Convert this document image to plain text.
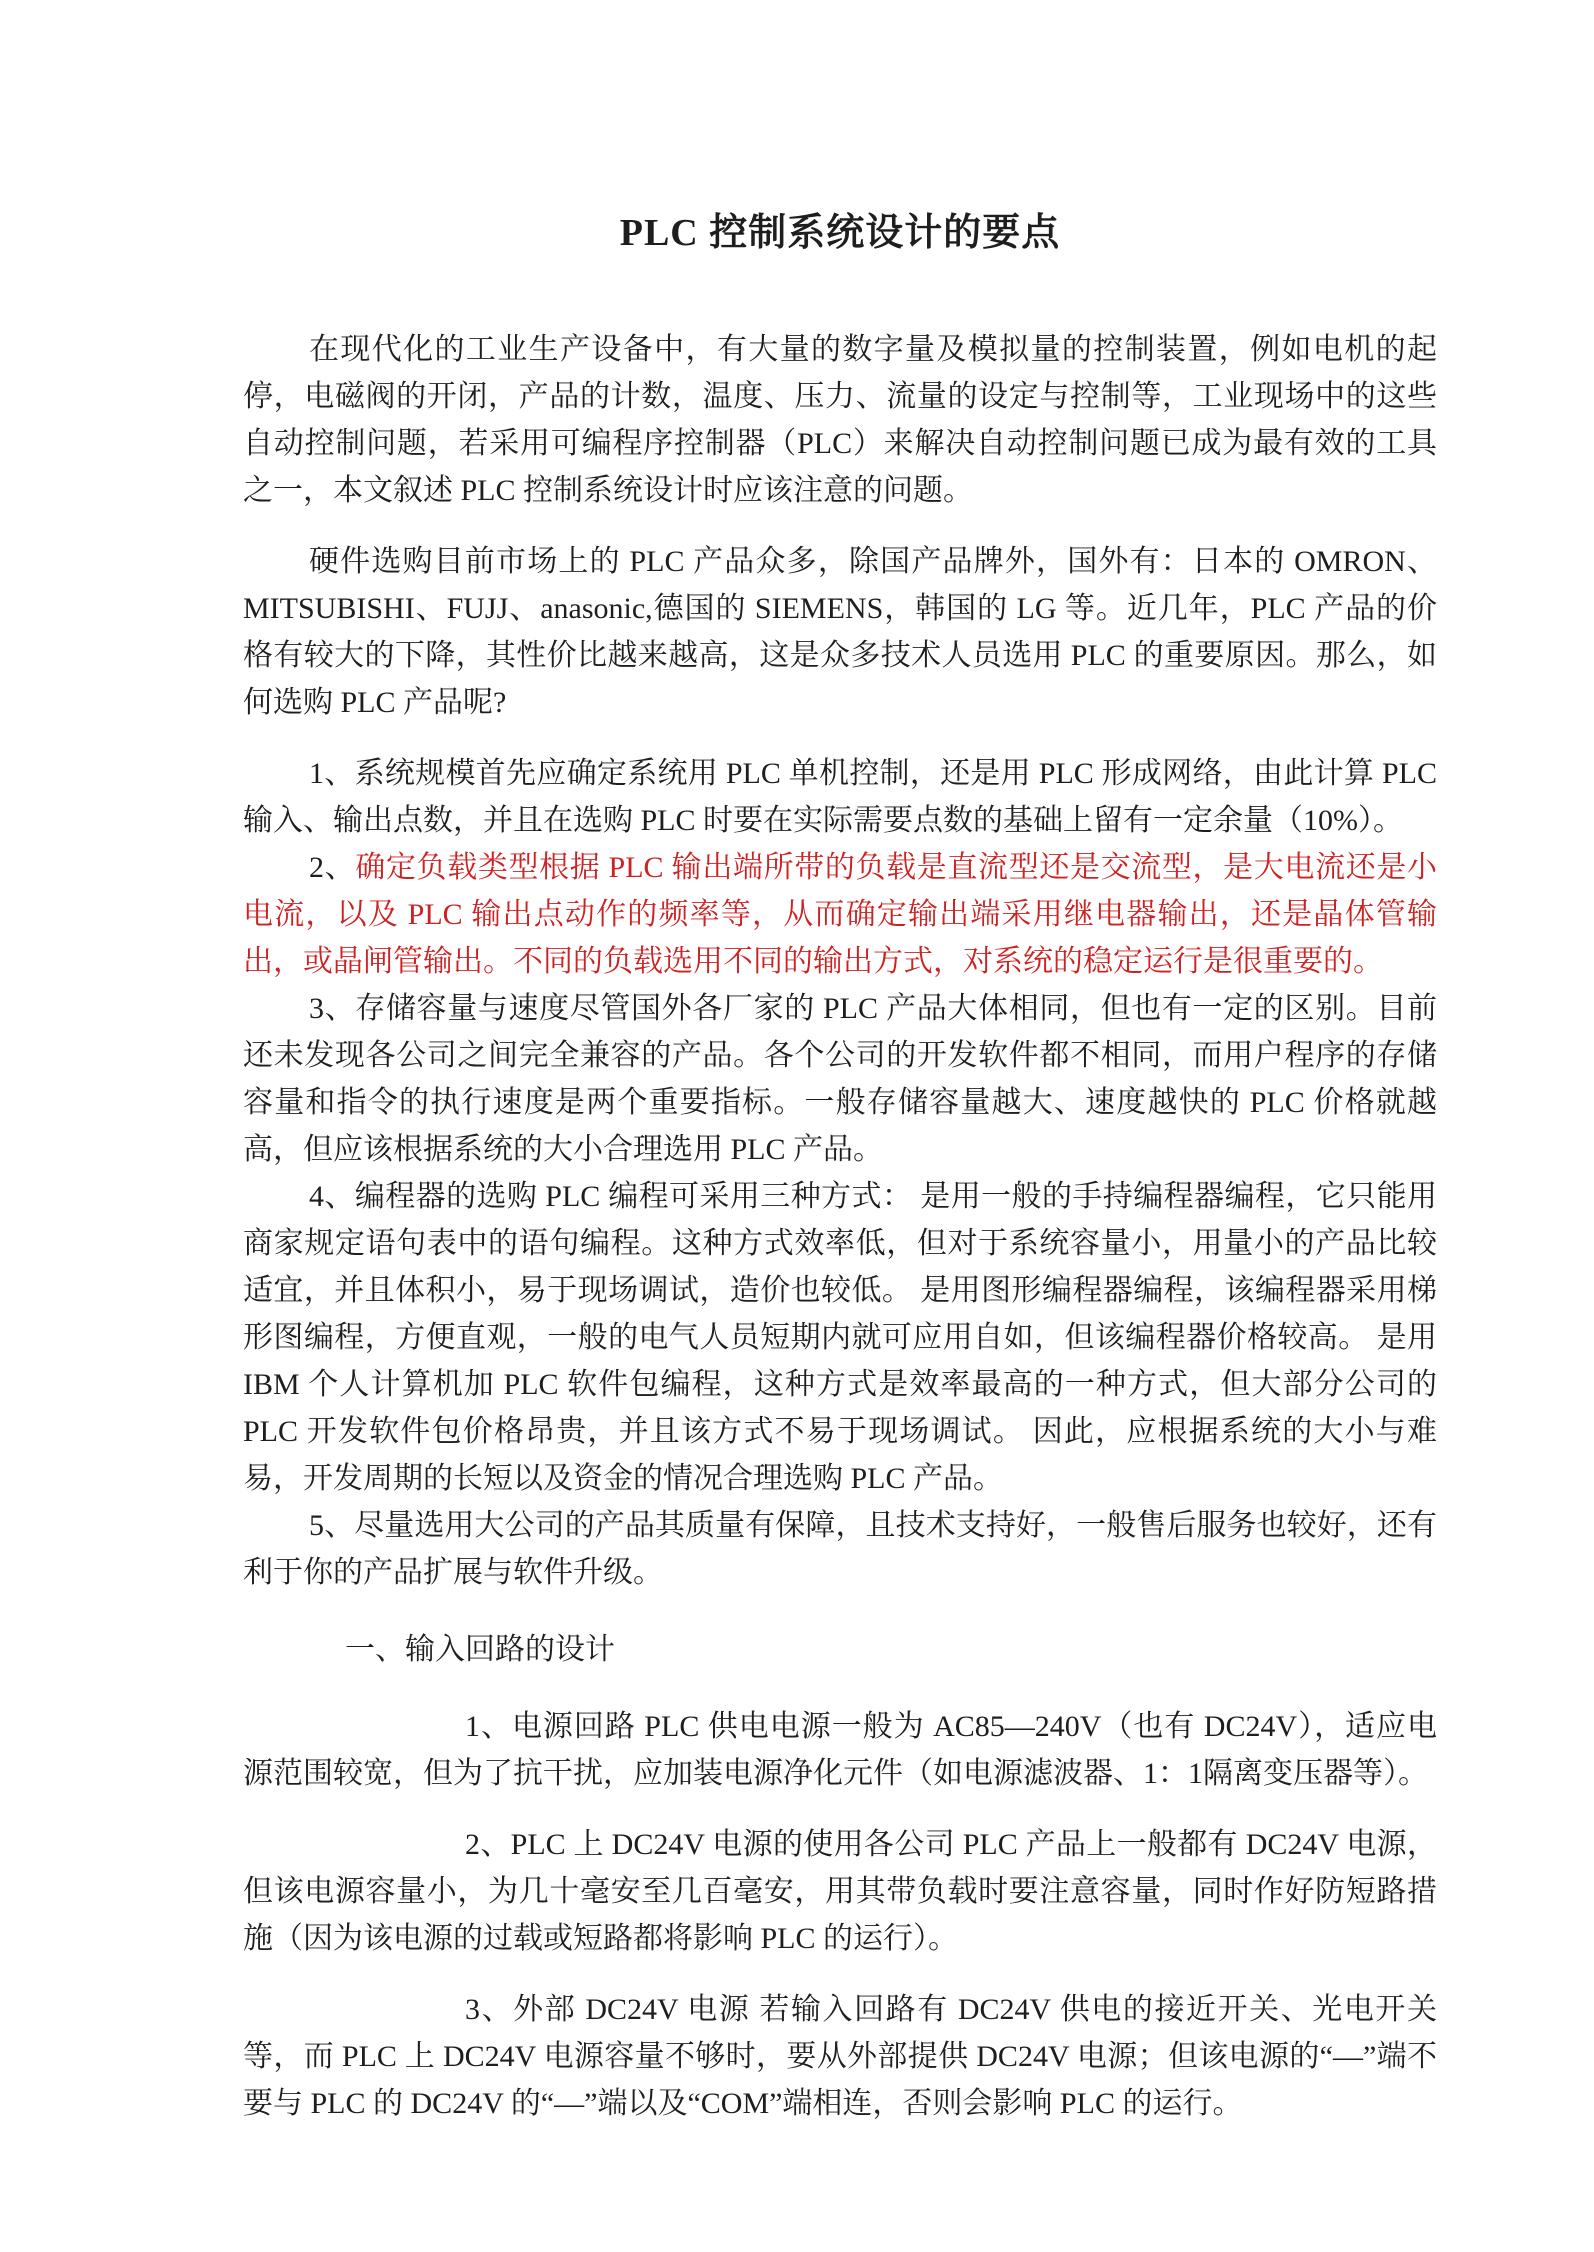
PLC 控制系统设计的要点

在现代化的工业生产设备中，有大量的数字量及模拟量的控制装置，例如电机的起停，电磁阀的开闭，产品的计数，温度、压力、流量的设定与控制等，工业现场中的这些自动控制问题，若采用可编程序控制器（PLC）来解决自动控制问题已成为最有效的工具之一，本文叙述 PLC 控制系统设计时应该注意的问题。

硬件选购目前市场上的 PLC 产品众多，除国产品牌外，国外有：日本的 OMRON、MITSUBISHI、FUJJ、anasonic,德国的 SIEMENS，韩国的 LG 等。近几年，PLC 产品的价格有较大的下降，其性价比越来越高，这是众多技术人员选用 PLC 的重要原因。那么，如何选购 PLC 产品呢?

1、系统规模首先应确定系统用 PLC 单机控制，还是用 PLC 形成网络，由此计算 PLC 输入、输出点数，并且在选购 PLC 时要在实际需要点数的基础上留有一定余量（10%）。

2、确定负载类型根据 PLC 输出端所带的负载是直流型还是交流型，是大电流还是小电流，以及 PLC 输出点动作的频率等，从而确定输出端采用继电器输出，还是晶体管输出，或晶闸管输出。不同的负载选用不同的输出方式，对系统的稳定运行是很重要的。

3、存储容量与速度尽管国外各厂家的 PLC 产品大体相同，但也有一定的区别。目前还未发现各公司之间完全兼容的产品。各个公司的开发软件都不相同，而用户程序的存储容量和指令的执行速度是两个重要指标。一般存储容量越大、速度越快的 PLC 价格就越高，但应该根据系统的大小合理选用 PLC 产品。

4、编程器的选购 PLC 编程可采用三种方式： 是用一般的手持编程器编程，它只能用商家规定语句表中的语句编程。这种方式效率低，但对于系统容量小，用量小的产品比较适宜，并且体积小，易于现场调试，造价也较低。 是用图形编程器编程，该编程器采用梯形图编程，方便直观，一般的电气人员短期内就可应用自如，但该编程器价格较高。 是用 IBM 个人计算机加 PLC 软件包编程，这种方式是效率最高的一种方式，但大部分公司的 PLC 开发软件包价格昂贵，并且该方式不易于现场调试。 因此，应根据系统的大小与难易，开发周期的长短以及资金的情况合理选购 PLC 产品。

5、尽量选用大公司的产品其质量有保障，且技术支持好，一般售后服务也较好，还有利于你的产品扩展与软件升级。

一、输入回路的设计

1、电源回路 PLC 供电电源一般为 AC85—240V（也有 DC24V），适应电源范围较宽，但为了抗干扰，应加装电源净化元件（如电源滤波器、1：1隔离变压器等）。

2、PLC 上 DC24V 电源的使用各公司 PLC 产品上一般都有 DC24V 电源，但该电源容量小，为几十毫安至几百毫安，用其带负载时要注意容量，同时作好防短路措施（因为该电源的过载或短路都将影响 PLC 的运行）。

3、外部 DC24V 电源 若输入回路有 DC24V 供电的接近开关、光电开关等，而 PLC 上 DC24V 电源容量不够时，要从外部提供 DC24V 电源；但该电源的“—”端不要与 PLC 的 DC24V 的“—”端以及“COM”端相连，否则会影响 PLC 的运行。
